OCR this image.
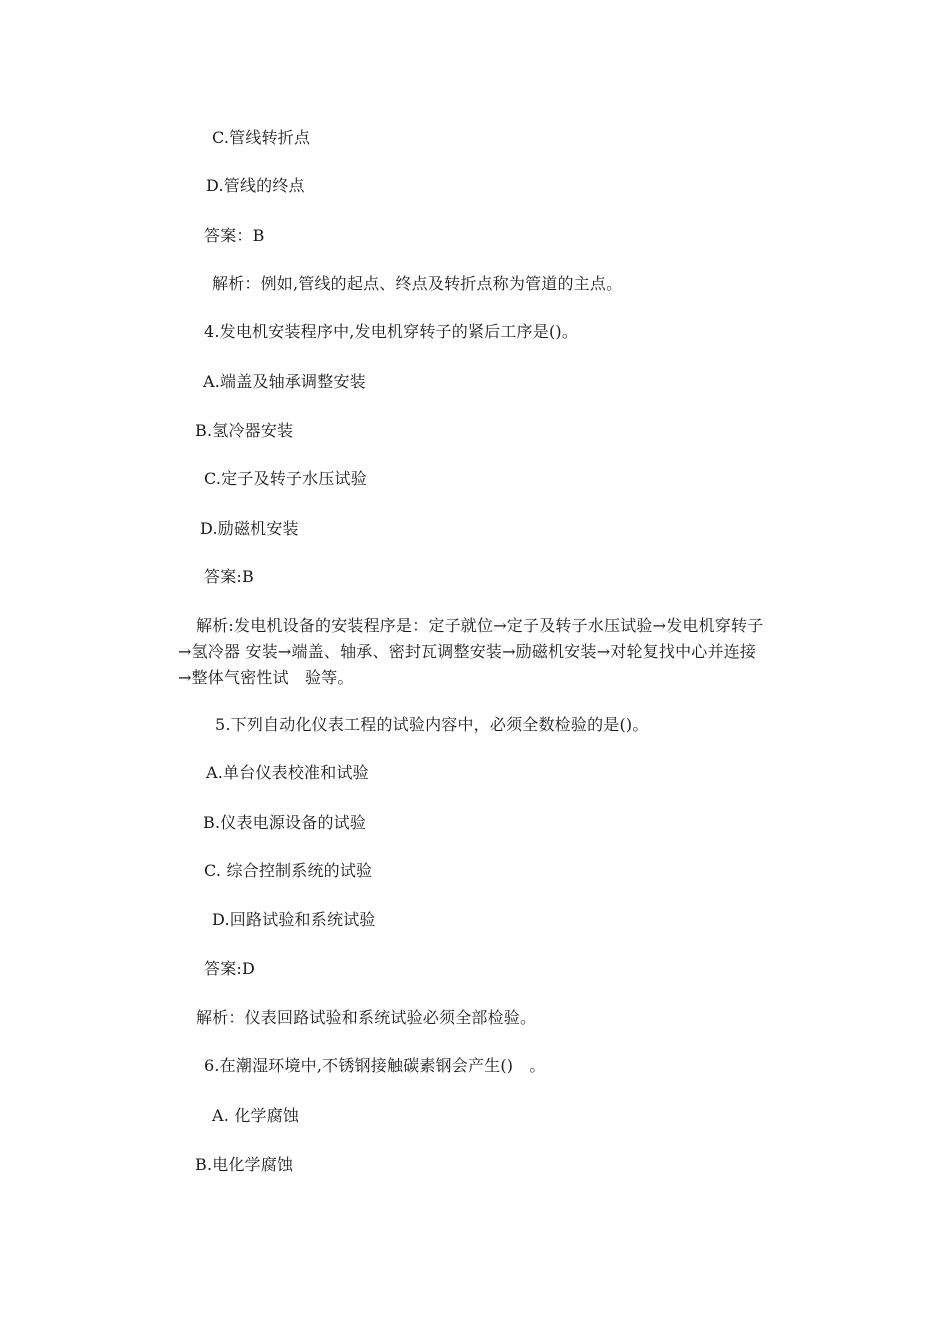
C.管线转折点
D.管线的终点
答案：B
解析：例如,管线的起点、终点及转折点称为管道的主点。
4.发电机安装程序中,发电机穿转子的紧后工序是()。
A.端盖及轴承调整安装
B.氢冷器安装
C.定子及转子水压试验
D.励磁机安装
答案:B
解析:发电机设备的安装程序是：定子就位→定子及转子水压试验→发电机穿转子
→氢冷器 安装→端盖、轴承、密封瓦调整安装→励磁机安装→对轮复找中心并连接
→整体气密性试　验等。
5.下列自动化仪表工程的试验内容中，必须全数检验的是()。
A.单台仪表校准和试验
B.仪表电源设备的试验
C. 综合控制系统的试验
D.回路试验和系统试验
答案:D
解析：仪表回路试验和系统试验必须全部检验。
6.在潮湿环境中,不锈钢接触碳素钢会产生()　。
A. 化学腐蚀
B.电化学腐蚀
